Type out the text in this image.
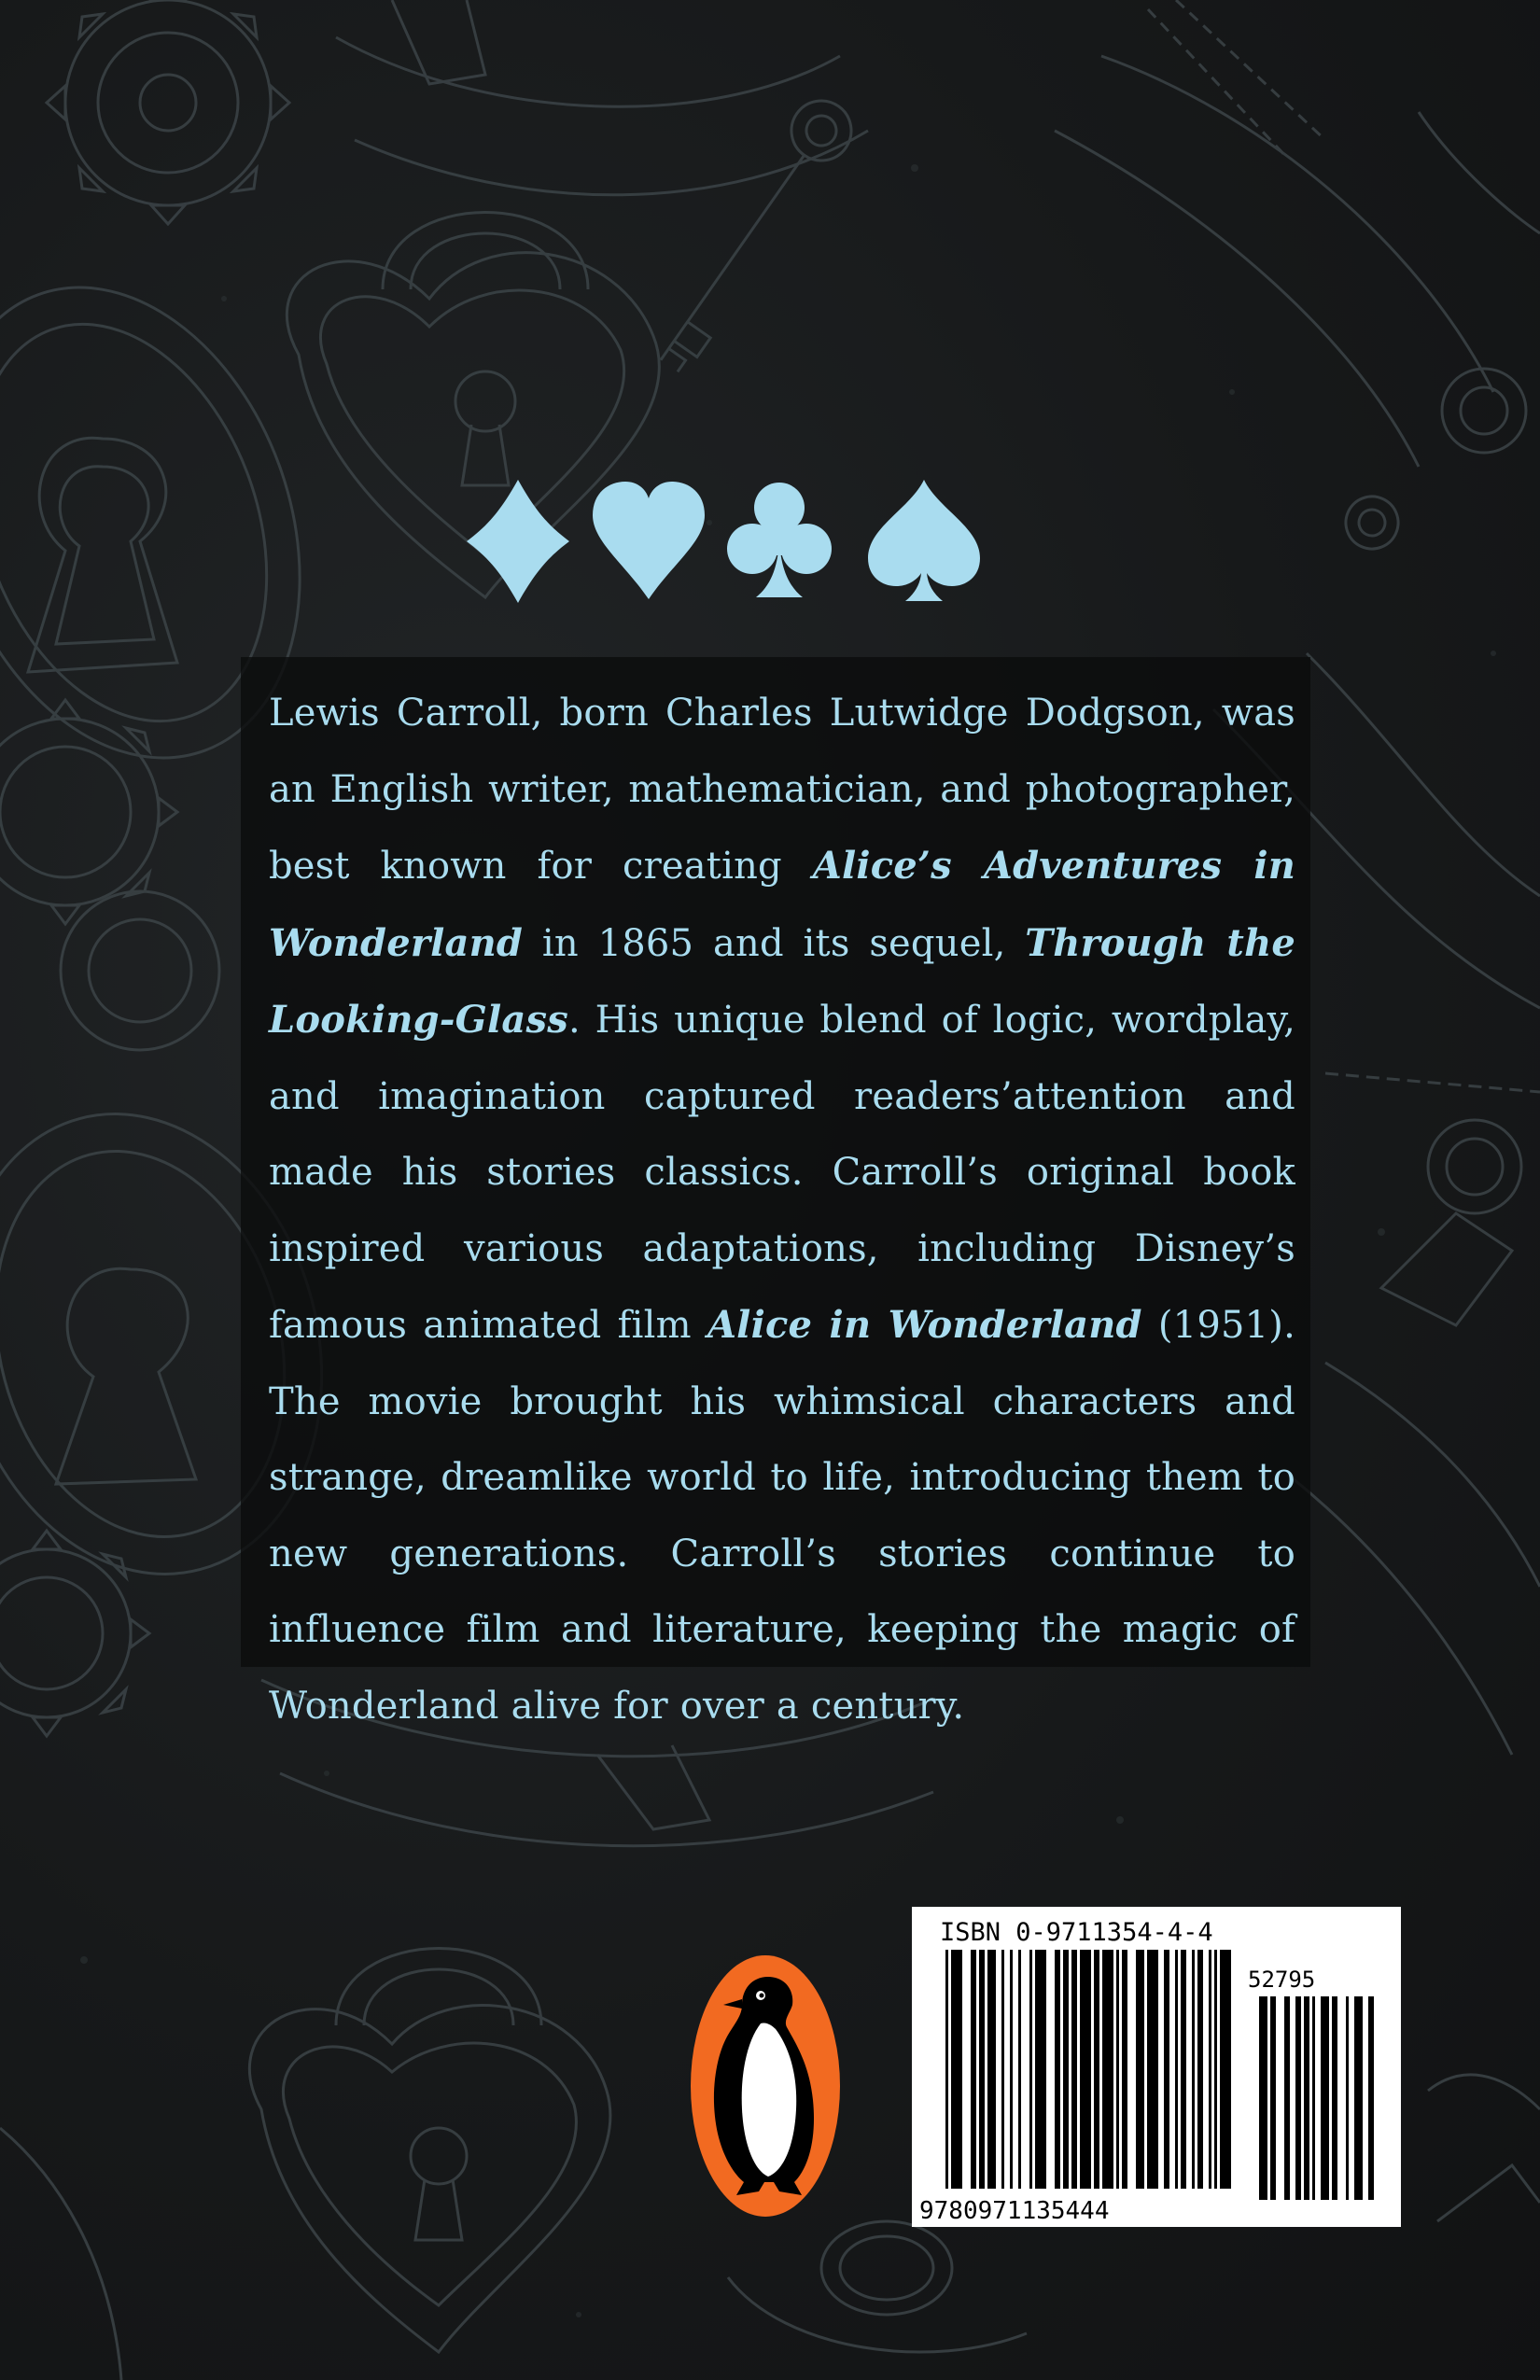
Lewis Carroll, born Charles Lutwidge Dodgson, was an English writer, mathematician, and photographer, best known for creating Alice’s Adventures in Wonderland in 1865 and its sequel, Through the Looking-Glass. His unique blend of logic, wordplay, and imagination captured readers’attention and made his stories classics. Carroll’s original book inspired various adaptations, including Disney’s famous animated film Alice in Wonderland (1951). The movie brought his whimsical characters and strange, dreamlike world to life, introducing them to new generations. Carroll’s stories continue to influence film and literature, keeping the magic of Wonderland alive for over a century.

ISBN 0-9711354-4-4
52795
9780971135444
